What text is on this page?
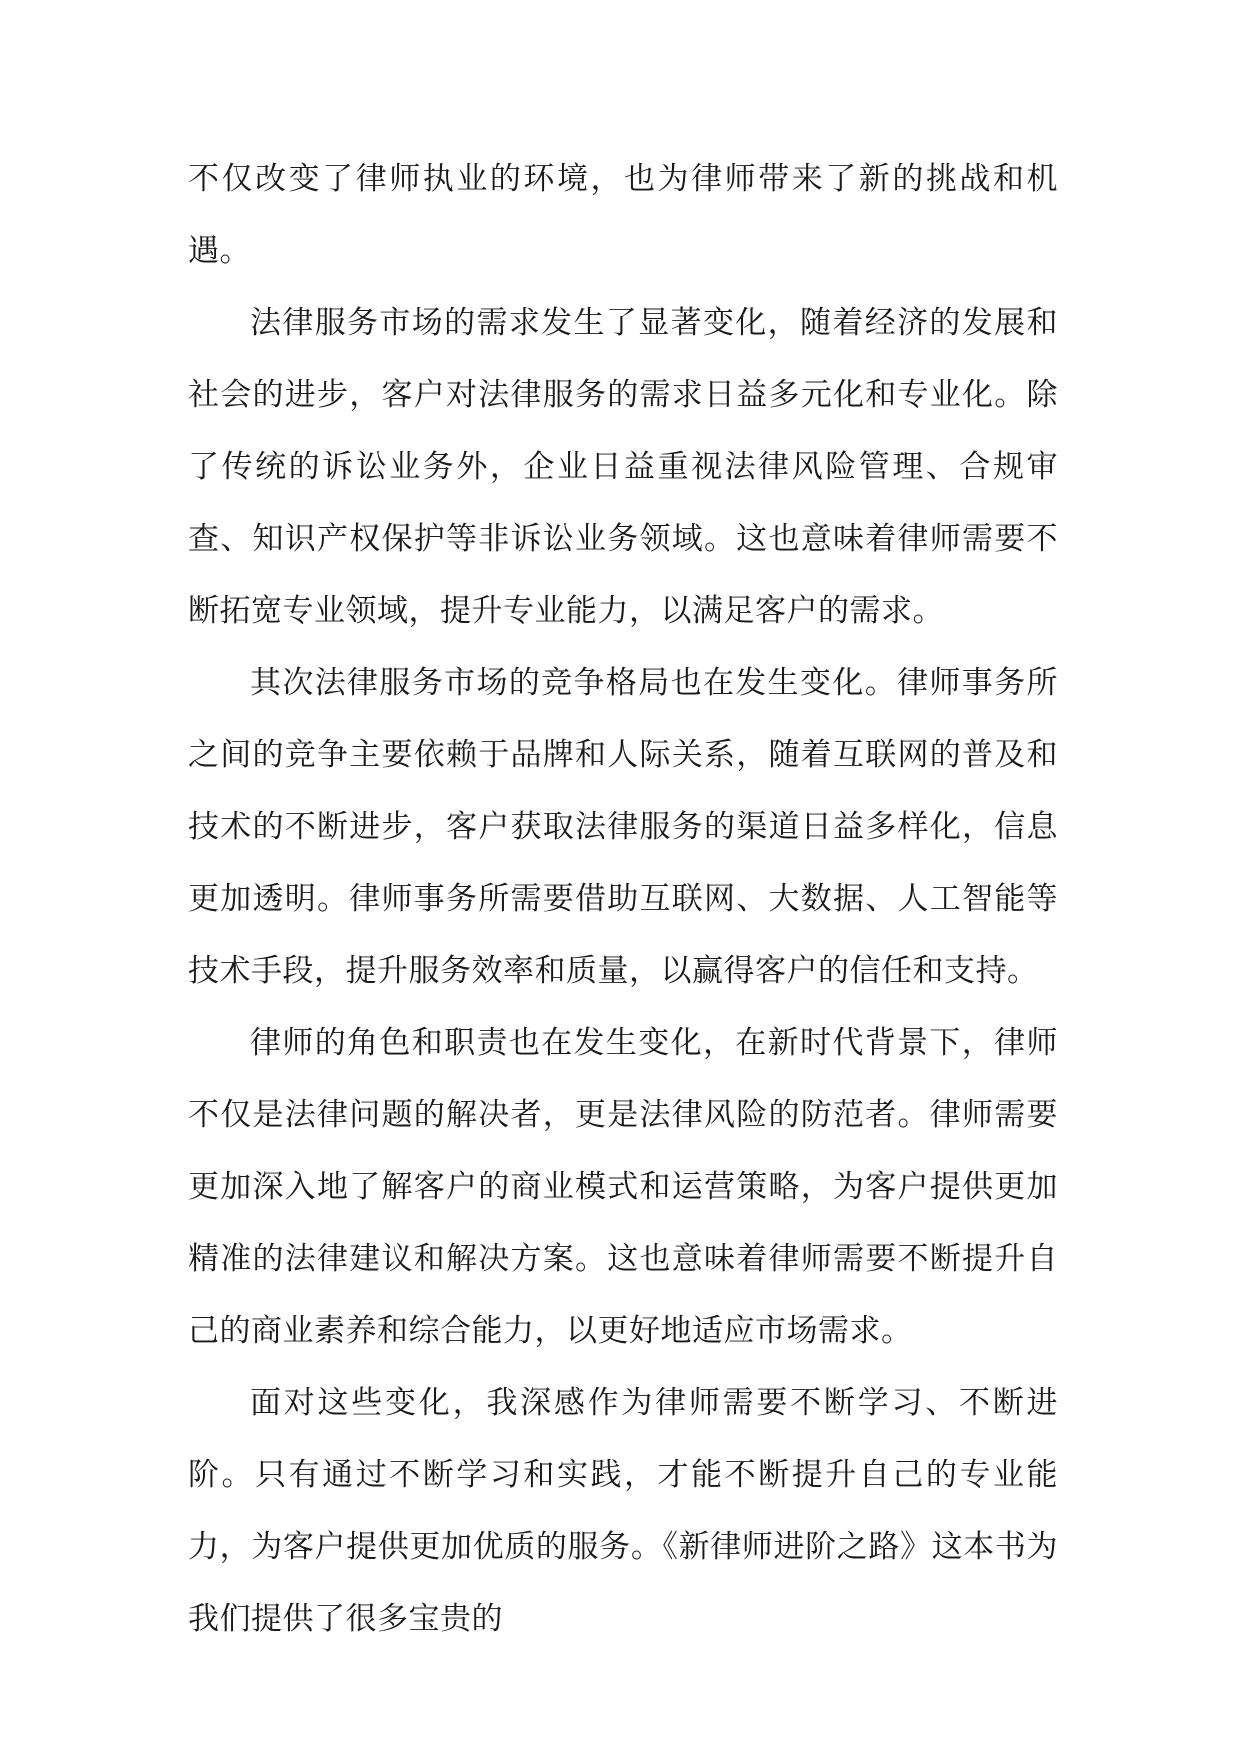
不仅改变了律师执业的环境，也为律师带来了新的挑战和机遇。

法律服务市场的需求发生了显著变化，随着经济的发展和社会的进步，客户对法律服务的需求日益多元化和专业化。除了传统的诉讼业务外，企业日益重视法律风险管理、合规审查、知识产权保护等非诉讼业务领域。这也意味着律师需要不断拓宽专业领域，提升专业能力，以满足客户的需求。

其次法律服务市场的竞争格局也在发生变化。律师事务所之间的竞争主要依赖于品牌和人际关系，随着互联网的普及和技术的不断进步，客户获取法律服务的渠道日益多样化，信息更加透明。律师事务所需要借助互联网、大数据、人工智能等技术手段，提升服务效率和质量，以赢得客户的信任和支持。

律师的角色和职责也在发生变化，在新时代背景下，律师不仅是法律问题的解决者，更是法律风险的防范者。律师需要更加深入地了解客户的商业模式和运营策略，为客户提供更加精准的法律建议和解决方案。这也意味着律师需要不断提升自己的商业素养和综合能力，以更好地适应市场需求。

面对这些变化，我深感作为律师需要不断学习、不断进阶。只有通过不断学习和实践，才能不断提升自己的专业能力，为客户提供更加优质的服务。《新律师进阶之路》这本书为我们提供了很多宝贵的
